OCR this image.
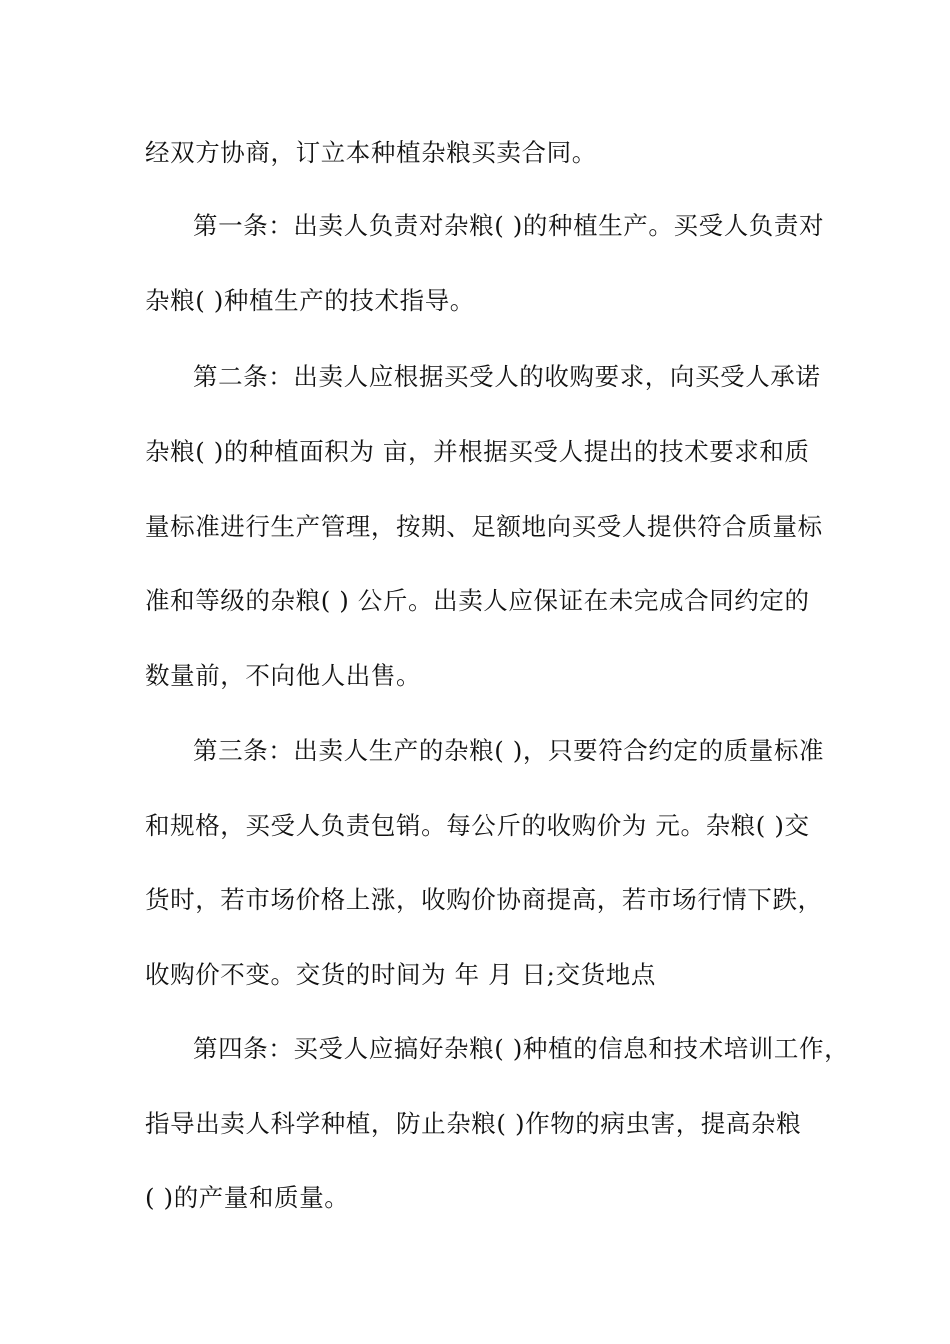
经双方协商，订立本种植杂粮买卖合同。
第一条：出卖人负责对杂粮( )的种植生产。买受人负责对
杂粮( )种植生产的技术指导。
第二条：出卖人应根据买受人的收购要求，向买受人承诺
杂粮( )的种植面积为 亩，并根据买受人提出的技术要求和质
量标准进行生产管理，按期、足额地向买受人提供符合质量标
准和等级的杂粮( ) 公斤。出卖人应保证在未完成合同约定的
数量前，不向他人出售。
第三条：出卖人生产的杂粮( )，只要符合约定的质量标准
和规格，买受人负责包销。每公斤的收购价为 元。杂粮( )交
货时，若市场价格上涨，收购价协商提高，若市场行情下跌，
收购价不变。交货的时间为 年 月 日;交货地点
第四条：买受人应搞好杂粮( )种植的信息和技术培训工作，
指导出卖人科学种植，防止杂粮( )作物的病虫害，提高杂粮
( )的产量和质量。
